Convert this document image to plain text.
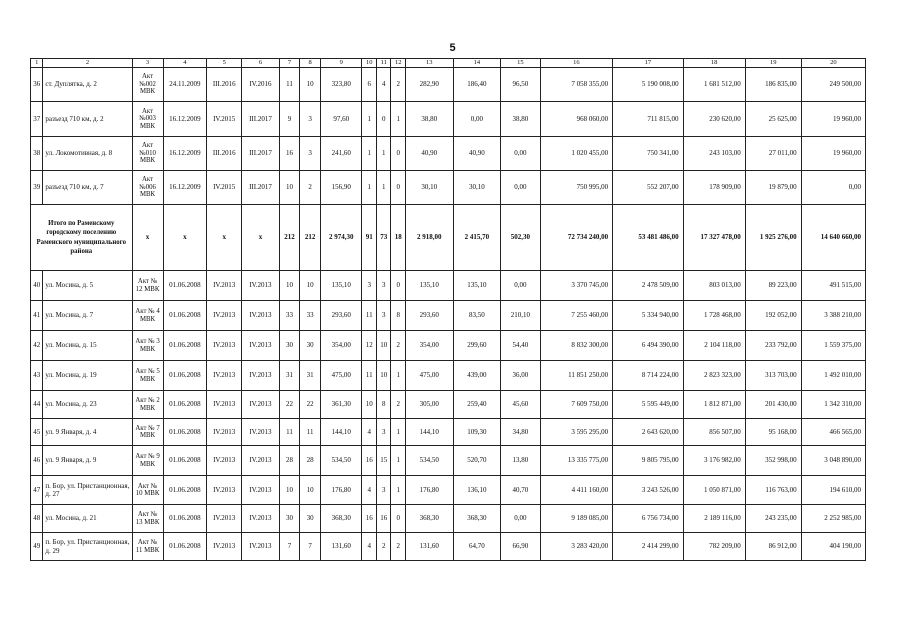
5
1	2	3	4	5	6	7	8	9	10	11	12	13	14	15	16	17	18	19	20
36	ст. Дуплятка, д. 2	Акт №002 МВК	24.11.2009	III.2016	IV.2016	11	10	323,80	6	4	2	282,90	186,40	96,50	7 058 355,00	5 190 008,00	1 681 512,00	186 835,00	249 500,00
37	разъезд 710 км, д. 2	Акт №003 МВК	16.12.2009	IV.2015	III.2017	9	3	97,60	1	0	1	38,80	0,00	38,80	968 060,00	711 815,00	230 620,00	25 625,00	19 960,00
38	ул. Локомотивная, д. 8	Акт №010 МВК	16.12.2009	III.2016	III.2017	16	3	241,60	1	1	0	40,90	40,90	0,00	1 020 455,00	750 341,00	243 103,00	27 011,00	19 960,00
39	разъезд 710 км, д. 7	Акт №006 МВК	16.12.2009	IV.2015	III.2017	10	2	156,90	1	1	0	30,10	30,10	0,00	750 995,00	552 207,00	178 909,00	19 879,00	0,00
Итого по Раменскому городскому поселению Раменского муниципального района		х	х	х	х	212	212	2 974,30	91	73	18	2 918,00	2 415,70	502,30	72 734 240,00	53 481 486,00	17 327 478,00	1 925 276,00	14 640 660,00
40	ул. Мосина, д. 5	Акт № 12 МВК	01.06.2008	IV.2013	IV.2013	10	10	135,10	3	3	0	135,10	135,10	0,00	3 370 745,00	2 478 509,00	803 013,00	89 223,00	491 515,00
41	ул. Мосина, д. 7	Акт № 4 МВК	01.06.2008	IV.2013	IV.2013	33	33	293,60	11	3	8	293,60	83,50	210,10	7 255 460,00	5 334 940,00	1 728 468,00	192 052,00	3 388 210,00
42	ул. Мосина, д. 15	Акт № 3 МВК	01.06.2008	IV.2013	IV.2013	30	30	354,00	12	10	2	354,00	299,60	54,40	8 832 300,00	6 494 390,00	2 104 118,00	233 792,00	1 559 375,00
43	ул. Мосина, д. 19	Акт № 5 МВК	01.06.2008	IV.2013	IV.2013	31	31	475,00	11	10	1	475,00	439,00	36,00	11 851 250,00	8 714 224,00	2 823 323,00	313 703,00	1 492 010,00
44	ул. Мосина, д. 23	Акт № 2 МВК	01.06.2008	IV.2013	IV.2013	22	22	361,30	10	8	2	305,00	259,40	45,60	7 609 750,00	5 595 449,00	1 812 871,00	201 430,00	1 342 310,00
45	ул. 9 Января, д. 4	Акт № 7 МВК	01.06.2008	IV.2013	IV.2013	11	11	144,10	4	3	1	144,10	109,30	34,80	3 595 295,00	2 643 620,00	856 507,00	95 168,00	466 565,00
46	ул. 9 Января, д. 9	Акт № 9 МВК	01.06.2008	IV.2013	IV.2013	28	28	534,50	16	15	1	534,50	520,70	13,80	13 335 775,00	9 805 795,00	3 176 982,00	352 998,00	3 048 890,00
47	п. Бор, ул. Пристанционная, д. 27	Акт № 10 МВК	01.06.2008	IV.2013	IV.2013	10	10	176,80	4	3	1	176,80	136,10	40,70	4 411 160,00	3 243 526,00	1 050 871,00	116 763,00	194 610,00
48	ул. Мосина, д. 21	Акт № 13 МВК	01.06.2008	IV.2013	IV.2013	30	30	368,30	16	16	0	368,30	368,30	0,00	9 189 085,00	6 756 734,00	2 189 116,00	243 235,00	2 252 985,00
49	п. Бор, ул. Пристанционная, д. 29	Акт № 11 МВК	01.06.2008	IV.2013	IV.2013	7	7	131,60	4	2	2	131,60	64,70	66,90	3 283 420,00	2 414 299,00	782 209,00	86 912,00	404 190,00
